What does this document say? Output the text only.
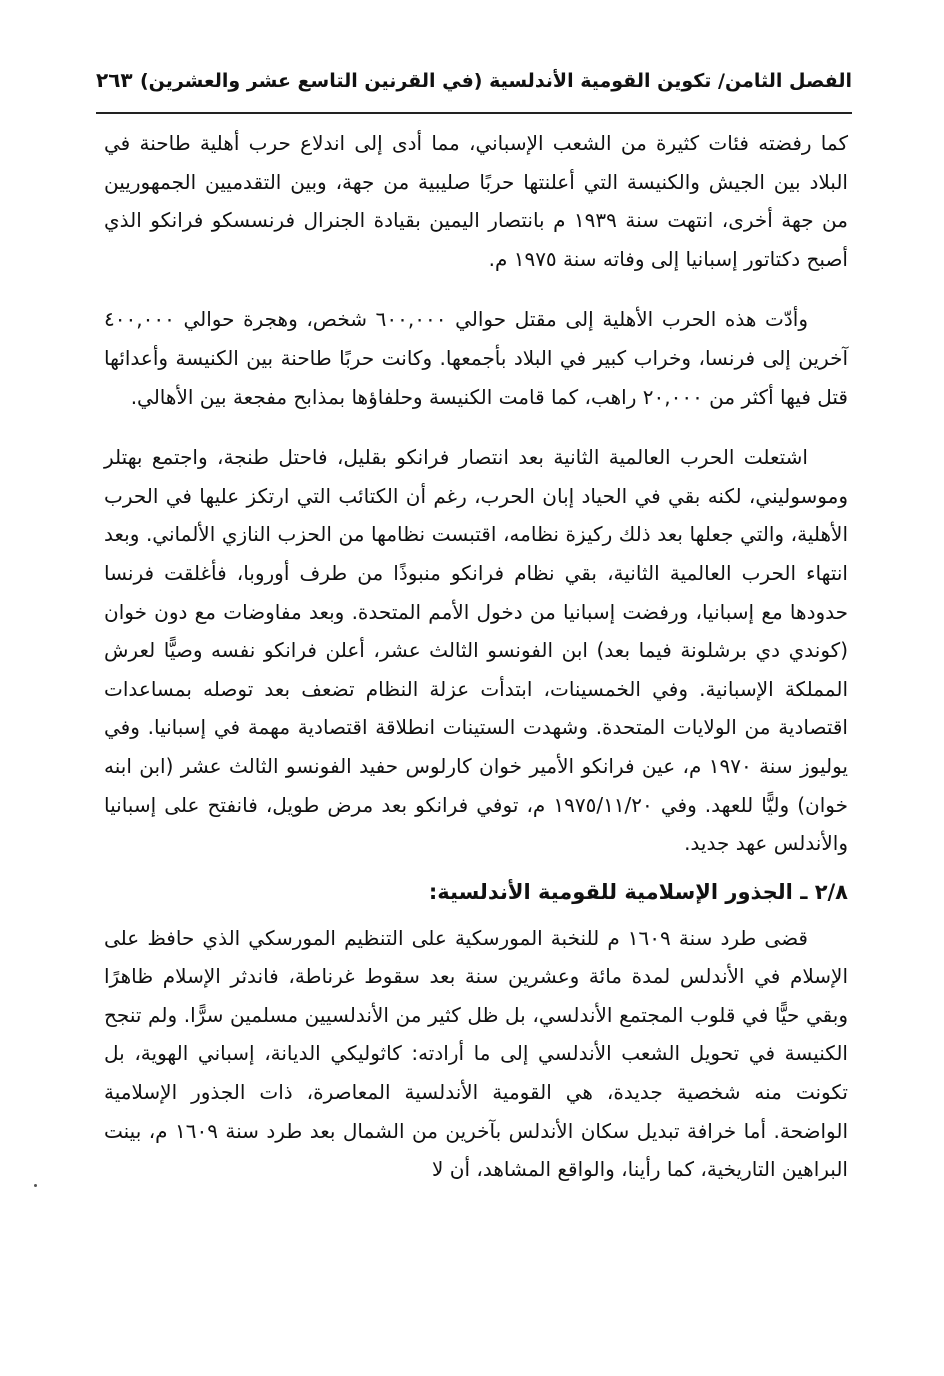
الفصل الثامن/ تكوين القومية الأندلسية (في القرنين التاسع عشر والعشرين)
٢٦٣

كما رفضته فئات كثيرة من الشعب الإسباني، مما أدى إلى اندلاع حرب أهلية طاحنة في البلاد بين الجيش والكنيسة التي أعلنتها حربًا صليبية من جهة، وبين التقدميين الجمهوريين من جهة أخرى، انتهت سنة ١٩٣٩ م بانتصار اليمين بقيادة الجنرال فرنسسكو فرانكو الذي أصبح دكتاتور إسبانيا إلى وفاته سنة ١٩٧٥ م.

وأدّت هذه الحرب الأهلية إلى مقتل حوالي ٦٠٠,٠٠٠ شخص، وهجرة حوالي ٤٠٠,٠٠٠ آخرين إلى فرنسا، وخراب كبير في البلاد بأجمعها. وكانت حربًا طاحنة بين الكنيسة وأعدائها قتل فيها أكثر من ٢٠,٠٠٠ راهب، كما قامت الكنيسة وحلفاؤها بمذابح مفجعة بين الأهالي.

اشتعلت الحرب العالمية الثانية بعد انتصار فرانكو بقليل، فاحتل طنجة، واجتمع بهتلر وموسوليني، لكنه بقي في الحياد إبان الحرب، رغم أن الكتائب التي ارتكز عليها في الحرب الأهلية، والتي جعلها بعد ذلك ركيزة نظامه، اقتبست نظامها من الحزب النازي الألماني. وبعد انتهاء الحرب العالمية الثانية، بقي نظام فرانكو منبوذًا من طرف أوروبا، فأغلقت فرنسا حدودها مع إسبانيا، ورفضت إسبانيا من دخول الأمم المتحدة. وبعد مفاوضات مع دون خوان (كوندي دي برشلونة فيما بعد) ابن الفونسو الثالث عشر، أعلن فرانكو نفسه وصيًّا لعرش المملكة الإسبانية. وفي الخمسينات، ابتدأت عزلة النظام تضعف بعد توصله بمساعدات اقتصادية من الولايات المتحدة. وشهدت الستينات انطلاقة اقتصادية مهمة في إسبانيا. وفي يوليوز سنة ١٩٧٠ م، عين فرانكو الأمير خوان كارلوس حفيد الفونسو الثالث عشر (ابن ابنه خوان) وليًّا للعهد. وفي ١٩٧٥/١١/٢٠ م، توفي فرانكو بعد مرض طويل، فانفتح على إسبانيا والأندلس عهد جديد.

٢/٨ ـ الجذور الإسلامية للقومية الأندلسية:

قضى طرد سنة ١٦٠٩ م للنخبة المورسكية على التنظيم المورسكي الذي حافظ على الإسلام في الأندلس لمدة مائة وعشرين سنة بعد سقوط غرناطة، فاندثر الإسلام ظاهرًا وبقي حيًّا في قلوب المجتمع الأندلسي، بل ظل كثير من الأندلسيين مسلمين سرًّا. ولم تنجح الكنيسة في تحويل الشعب الأندلسي إلى ما أرادته: كاثوليكي الديانة، إسباني الهوية، بل تكونت منه شخصية جديدة، هي القومية الأندلسية المعاصرة، ذات الجذور الإسلامية الواضحة. أما خرافة تبديل سكان الأندلس بآخرين من الشمال بعد طرد سنة ١٦٠٩ م، بينت البراهين التاريخية، كما رأينا، والواقع المشاهد، أن لا
